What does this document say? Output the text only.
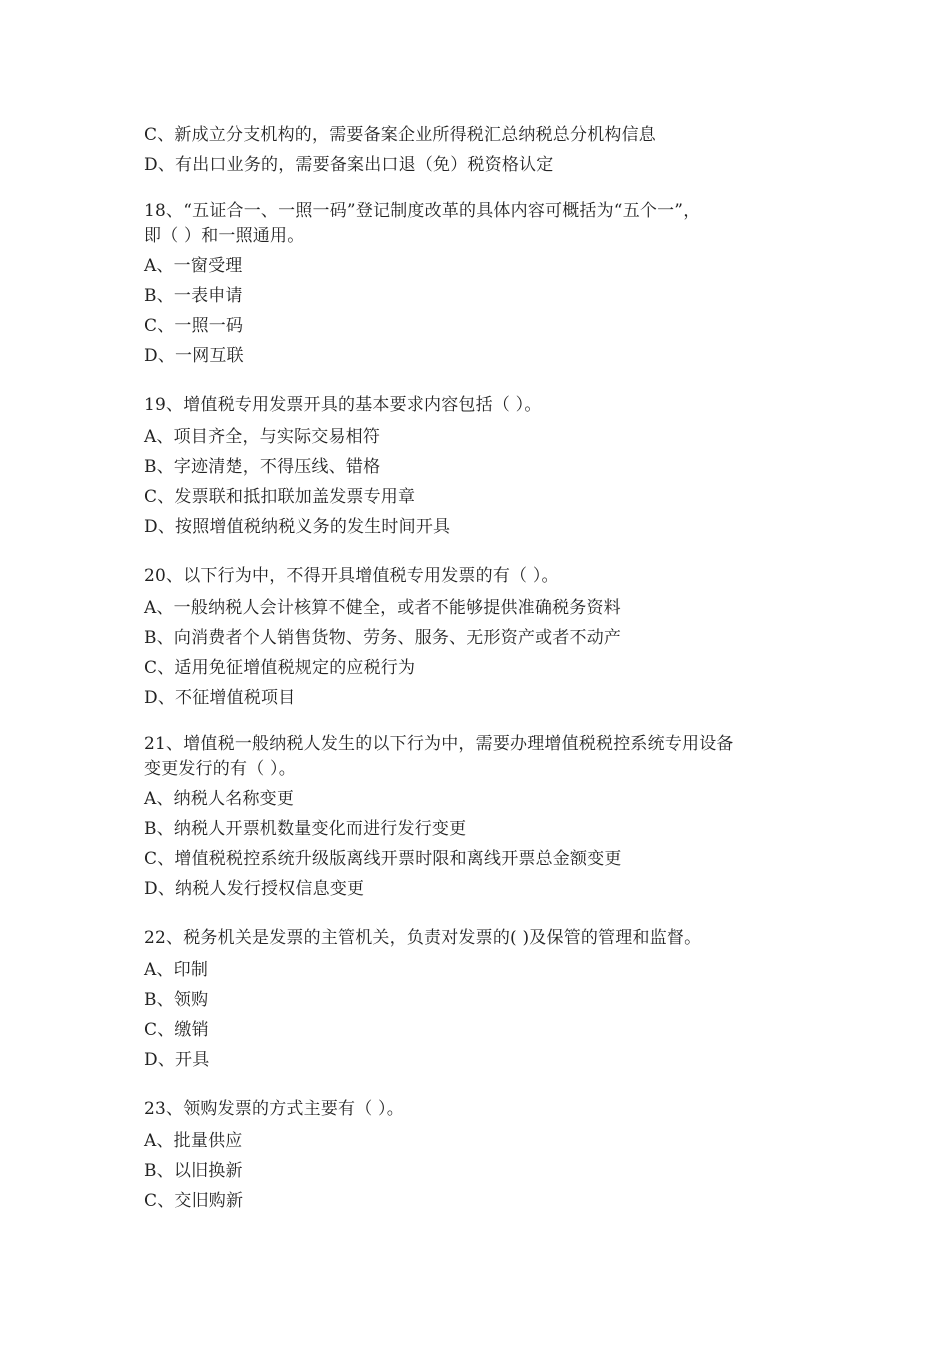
C、新成立分支机构的，需要备案企业所得税汇总纳税总分机构信息
D、有出口业务的，需要备案出口退（免）税资格认定
18、“五证合一、一照一码”登记制度改革的具体内容可概括为“五个一”，
即（ ）和一照通用。
A、一窗受理
B、一表申请
C、一照一码
D、一网互联
19、增值税专用发票开具的基本要求内容包括（ ）。
A、项目齐全，与实际交易相符
B、字迹清楚，不得压线、错格
C、发票联和抵扣联加盖发票专用章
D、按照增值税纳税义务的发生时间开具
20、以下行为中，不得开具增值税专用发票的有（ ）。
A、一般纳税人会计核算不健全，或者不能够提供准确税务资料
B、向消费者个人销售货物、劳务、服务、无形资产或者不动产
C、适用免征增值税规定的应税行为
D、不征增值税项目
21、增值税一般纳税人发生的以下行为中，需要办理增值税税控系统专用设备
变更发行的有（ ）。
A、纳税人名称变更
B、纳税人开票机数量变化而进行发行变更
C、增值税税控系统升级版离线开票时限和离线开票总金额变更
D、纳税人发行授权信息变更
22、税务机关是发票的主管机关，负责对发票的( )及保管的管理和监督。
A、印制
B、领购
C、缴销
D、开具
23、领购发票的方式主要有（ ）。
A、批量供应
B、以旧换新
C、交旧购新
